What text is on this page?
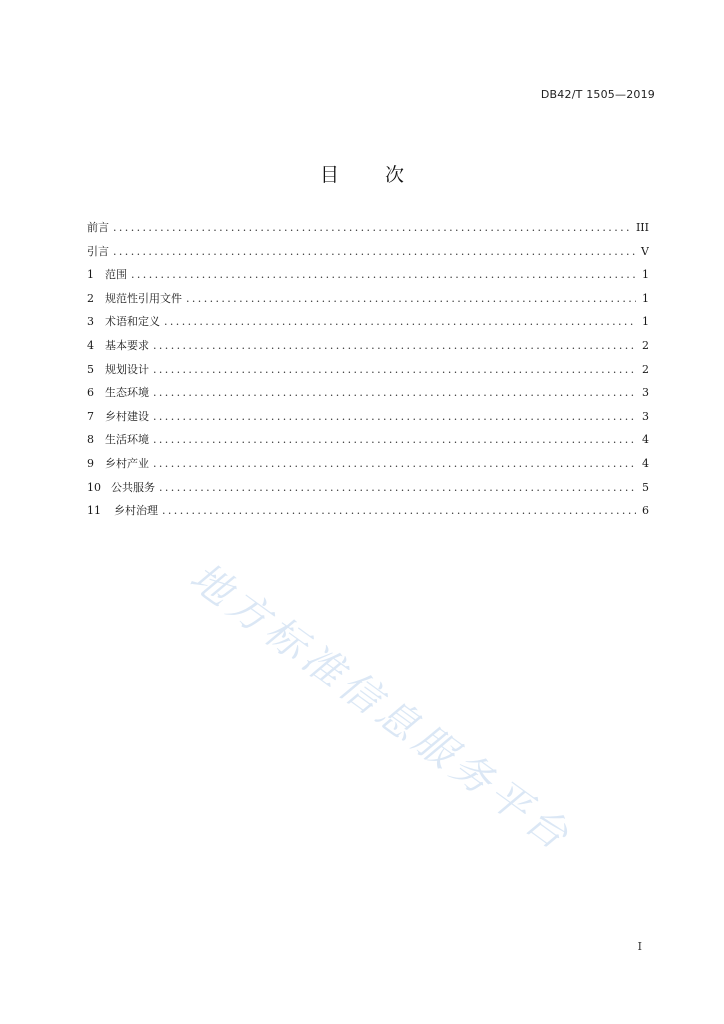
DB42/T 1505—2019
目 次
前言 .....	III
引言 .....	V
1	范围 .....	1
2	规范性引用文件 .....	1
3	术语和定义 .....	1
4	基本要求 .....	2
5	规划设计 .....	2
6	生态环境 .....	3
7	乡村建设 .....	3
8	生活环境 .....	4
9	乡村产业 .....	4
10 公共服务 .....	5
11	乡村治理 .....	6
地方标准信息服务平台
I
